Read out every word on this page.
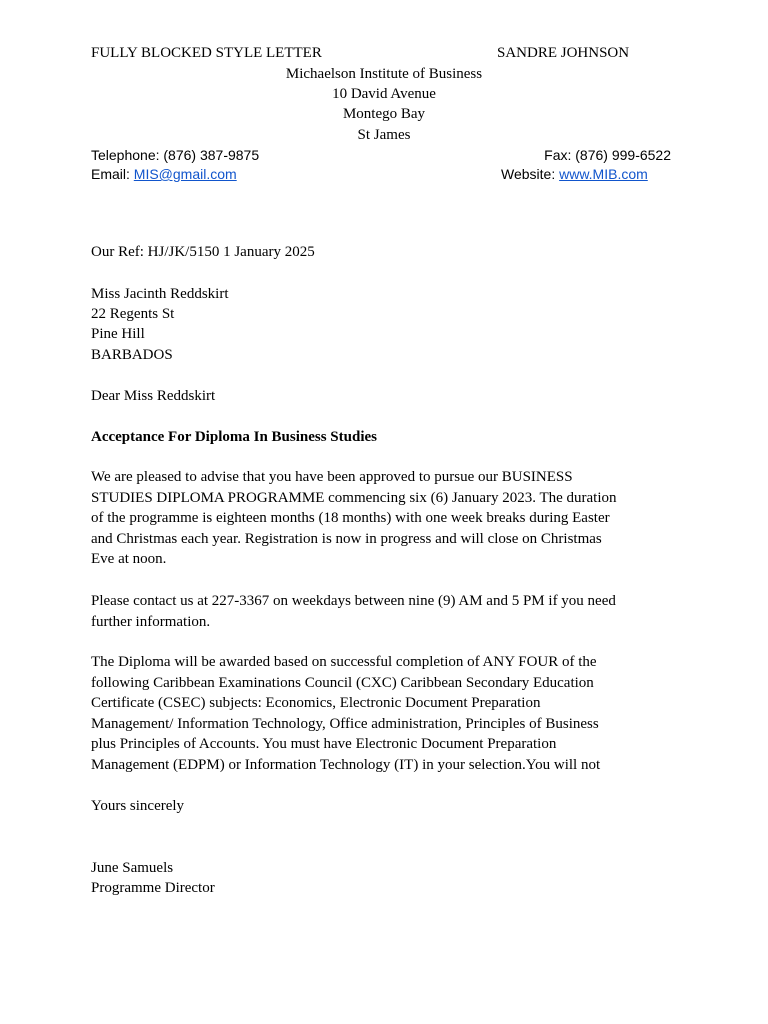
FULLY BLOCKED STYLE LETTER	SANDRE JOHNSON
Michaelson Institute of Business
10 David Avenue
Montego Bay
St James
Telephone: (876) 387-9875	Fax: (876) 999-6522
Email: MIS@gmail.com	Website: www.MIB.com
Our Ref: HJ/JK/5150 1 January 2025
Miss Jacinth Reddskirt
22 Regents St
Pine Hill
BARBADOS
Dear Miss Reddskirt
Acceptance For Diploma In Business Studies
We are pleased to advise that you have been approved to pursue our BUSINESS STUDIES DIPLOMA PROGRAMME commencing six (6) January 2023. The duration of the programme is eighteen months (18 months) with one week breaks during Easter and Christmas each year. Registration is now in progress and will close on Christmas Eve at noon.
Please contact us at 227-3367 on weekdays between nine (9) AM and 5 PM if you need further information.
The Diploma will be awarded based on successful completion of ANY FOUR of the following Caribbean Examinations Council (CXC) Caribbean Secondary Education Certificate (CSEC) subjects: Economics, Electronic Document Preparation Management/ Information Technology, Office administration, Principles of Business plus Principles of Accounts. You must have Electronic Document Preparation Management (EDPM) or Information Technology (IT) in your selection.You will not
Yours sincerely
June Samuels
Programme Director
